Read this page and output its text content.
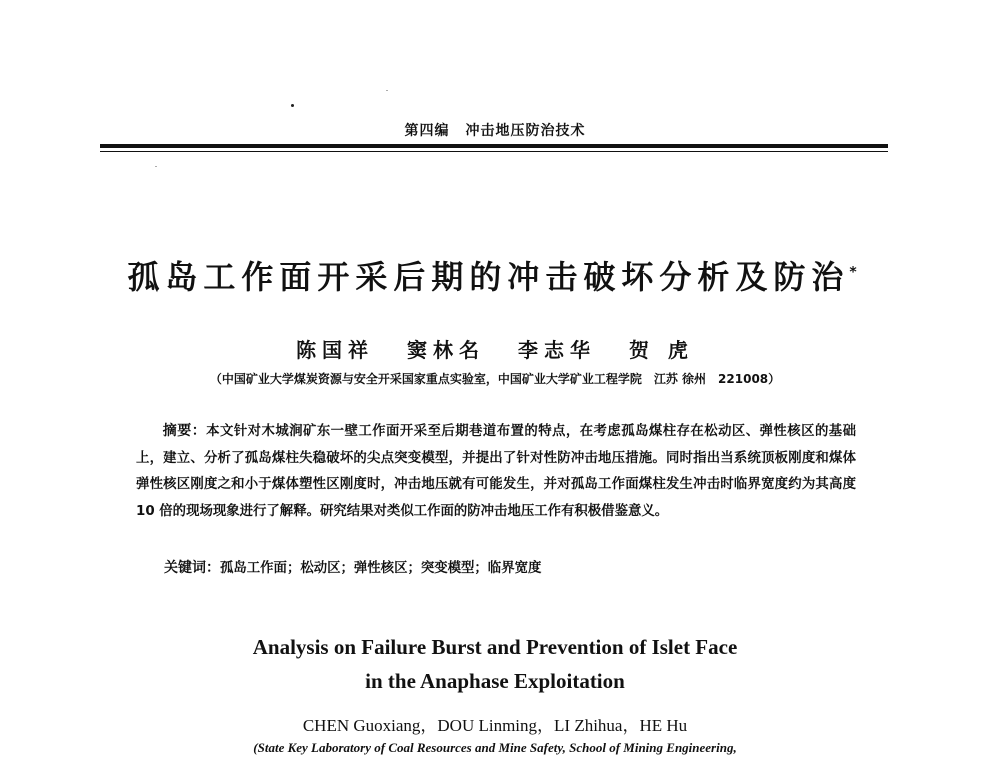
第四编 冲击地压防治技术
孤岛工作面开采后期的冲击破坏分析及防治*
陈国祥 窦林名 李志华 贺 虎
（中国矿业大学煤炭资源与安全开采国家重点实验室，中国矿业大学矿业工程学院　江苏 徐州　221008）

摘要：本文针对木城涧矿东一壁工作面开采至后期巷道布置的特点，在考虑孤岛煤柱存在松动区、弹性核区的基础上，建立、分析了孤岛煤柱失稳破坏的尖点突变模型，并提出了针对性防冲击地压措施。同时指出当系统顶板刚度和煤体弹性核区刚度之和小于煤体塑性区刚度时，冲击地压就有可能发生，并对孤岛工作面煤柱发生冲击时临界宽度约为其高度 10 倍的现场现象进行了解释。研究结果对类似工作面的防冲击地压工作有积极借鉴意义。

关键词：孤岛工作面；松动区；弹性核区；突变模型；临界宽度

Analysis on Failure Burst and Prevention of Islet Face
in the Anaphase Exploitation
CHEN Guoxiang，DOU Linming，LI Zhihua，HE Hu
(State Key Laboratory of Coal Resources and Mine Safety, School of Mining Engineering,
